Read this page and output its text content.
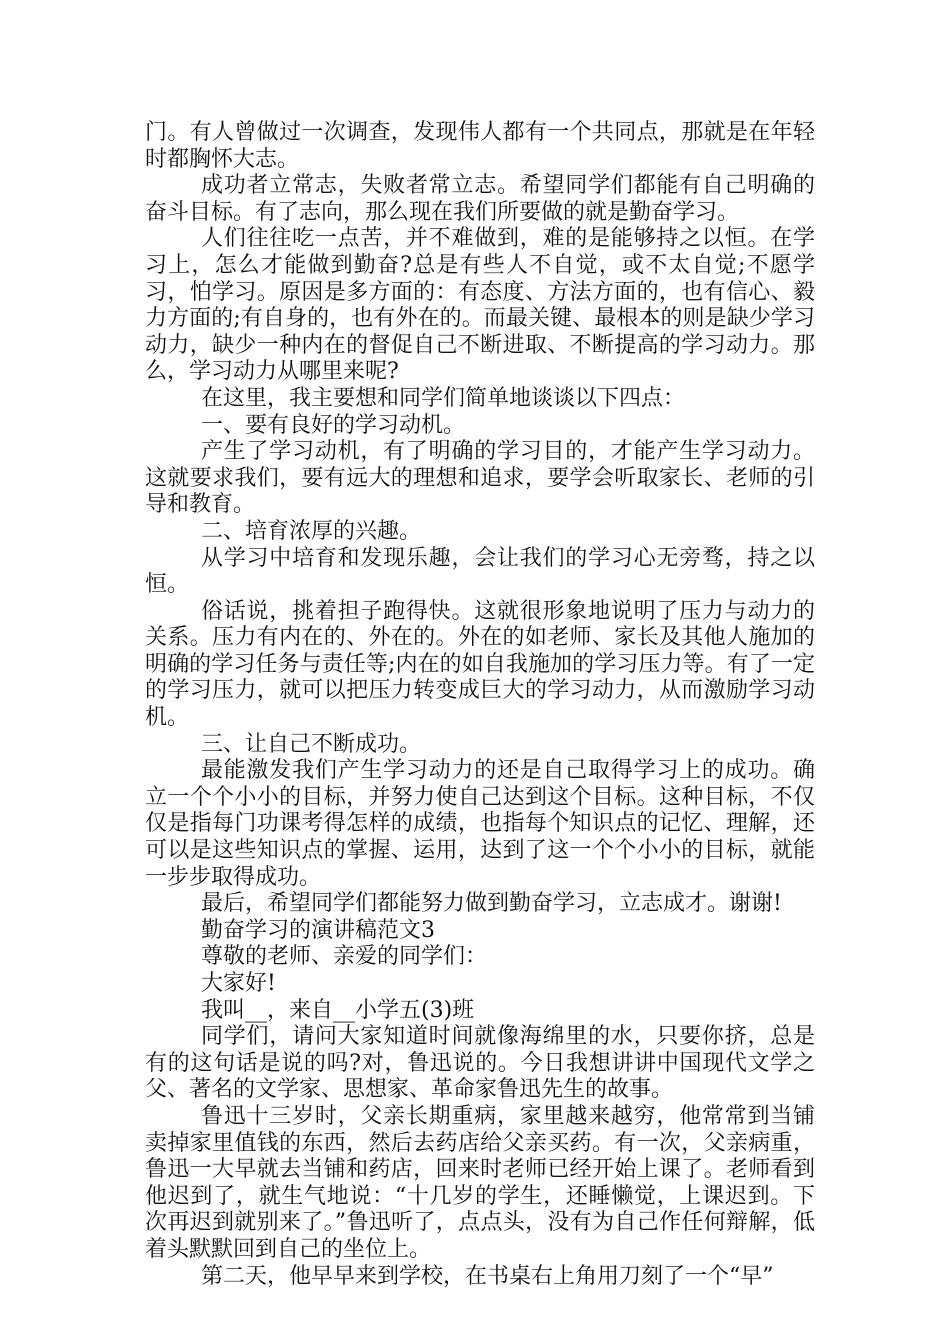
门。有人曾做过一次调查，发现伟人都有一个共同点，那就是在年轻时都胸怀大志。

成功者立常志，失败者常立志。希望同学们都能有自己明确的奋斗目标。有了志向，那么现在我们所要做的就是勤奋学习。

人们往往吃一点苦，并不难做到，难的是能够持之以恒。在学习上，怎么才能做到勤奋?总是有些人不自觉，或不太自觉;不愿学习，怕学习。原因是多方面的：有态度、方法方面的，也有信心、毅力方面的;有自身的，也有外在的。而最关键、最根本的则是缺少学习动力，缺少一种内在的督促自己不断进取、不断提高的学习动力。那么，学习动力从哪里来呢?

在这里，我主要想和同学们简单地谈谈以下四点：

一、要有良好的学习动机。

产生了学习动机，有了明确的学习目的，才能产生学习动力。这就要求我们，要有远大的理想和追求，要学会听取家长、老师的引导和教育。

二、培育浓厚的兴趣。

从学习中培育和发现乐趣，会让我们的学习心无旁骛，持之以恒。

俗话说，挑着担子跑得快。这就很形象地说明了压力与动力的关系。压力有内在的、外在的。外在的如老师、家长及其他人施加的明确的学习任务与责任等;内在的如自我施加的学习压力等。有了一定的学习压力，就可以把压力转变成巨大的学习动力，从而激励学习动机。

三、让自己不断成功。

最能激发我们产生学习动力的还是自己取得学习上的成功。确立一个个小小的目标，并努力使自己达到这个目标。这种目标，不仅仅是指每门功课考得怎样的成绩，也指每个知识点的记忆、理解，还可以是这些知识点的掌握、运用，达到了这一个个小小的目标，就能一步步取得成功。

最后，希望同学们都能努力做到勤奋学习，立志成才。谢谢!

勤奋学习的演讲稿范文3

尊敬的老师、亲爱的同学们：

大家好!

我叫__，来自__小学五(3)班

同学们，请问大家知道时间就像海绵里的水，只要你挤，总是有的这句话是说的吗?对，鲁迅说的。今日我想讲讲中国现代文学之父、著名的文学家、思想家、革命家鲁迅先生的故事。

鲁迅十三岁时，父亲长期重病，家里越来越穷，他常常到当铺卖掉家里值钱的东西，然后去药店给父亲买药。有一次，父亲病重，鲁迅一大早就去当铺和药店，回来时老师已经开始上课了。老师看到他迟到了，就生气地说：“十几岁的学生，还睡懒觉，上课迟到。下次再迟到就别来了。”鲁迅听了，点点头，没有为自己作任何辩解，低着头默默回到自己的坐位上。

第二天，他早早来到学校，在书桌右上角用刀刻了一个“早”
